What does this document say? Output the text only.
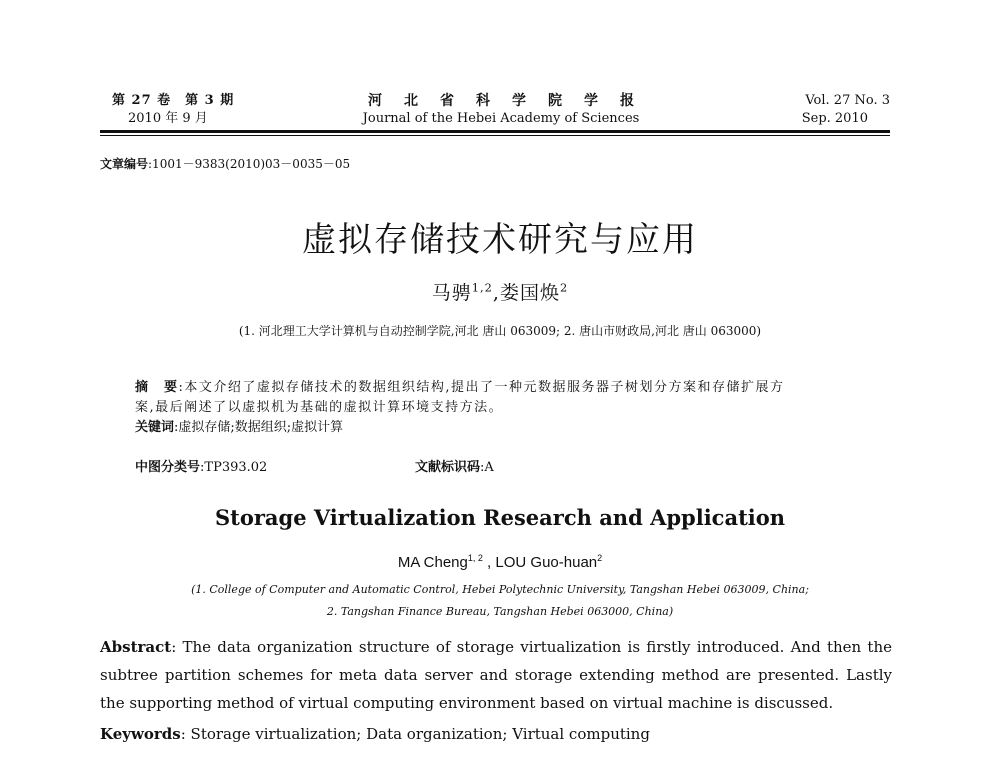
第 27 卷　第 3 期
2010 年 9 月
河北省科学院学报
Journal of the Hebei Academy of Sciences
Vol. 27 No. 3
Sep. 2010
文章编号:1001－9383(2010)03－0035－05
虚拟存储技术研究与应用
马骋$^{1,2}$,娄国焕$^2$
(1. 河北理工大学计算机与自动控制学院,河北 唐山 063009; 2. 唐山市财政局,河北 唐山 063000)
摘　要:本文介绍了虚拟存储技术的数据组织结构,提出了一种元数据服务器子树划分方案和存储扩展方
案,最后阐述了以虚拟机为基础的虚拟计算环境支持方法。
关键词:虚拟存储;数据组织;虚拟计算
中图分类号:TP393.02	文献标识码:A
Storage Virtualization Research and Application
MA Cheng$^{1, 2}$ , LOU Guo-huan$^2$
(1. College of Computer and Automatic Control, Hebei Polytechnic University, Tangshan Hebei 063009, China;
2. Tangshan Finance Bureau, Tangshan Hebei 063000, China)
Abstract: The data organization structure of storage virtualization is firstly introduced. And then the subtree partition schemes for meta data server and storage extending method are presented. Lastly the supporting method of virtual computing environment based on virtual machine is discussed.
Keywords: Storage virtualization; Data organization; Virtual computing
